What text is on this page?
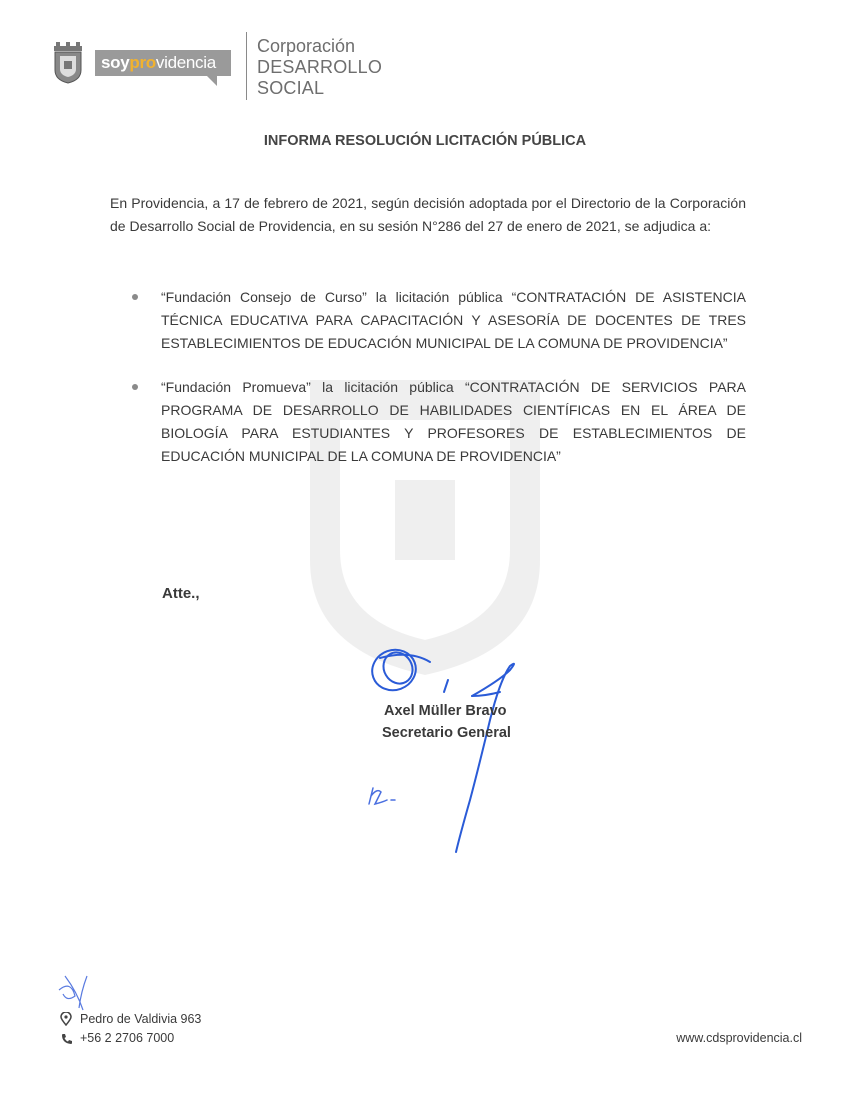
soyprovidencia
Corporación
DESARROLLO
SOCIAL
INFORMA RESOLUCIÓN LICITACIÓN PÚBLICA
En Providencia, a 17 de febrero de 2021, según decisión adoptada por el Directorio de la Corporación de Desarrollo Social de Providencia, en su sesión N°286 del 27 de enero de 2021, se adjudica a:
“Fundación Consejo de Curso” la licitación pública “CONTRATACIÓN DE ASISTENCIA TÉCNICA EDUCATIVA PARA CAPACITACIÓN Y ASESORÍA DE DOCENTES DE TRES ESTABLECIMIENTOS DE EDUCACIÓN MUNICIPAL DE LA COMUNA DE PROVIDENCIA”
“Fundación Promueva” la licitación pública “CONTRATACIÓN DE SERVICIOS PARA PROGRAMA DE DESARROLLO DE HABILIDADES CIENTÍFICAS EN EL ÁREA DE BIOLOGÍA PARA ESTUDIANTES Y PROFESORES DE ESTABLECIMIENTOS DE EDUCACIÓN MUNICIPAL DE LA COMUNA DE PROVIDENCIA”
Atte.,
Axel Müller Bravo
Secretario General
Pedro de Valdivia 963
+56 2 2706 7000	www.cdsprovidencia.cl
